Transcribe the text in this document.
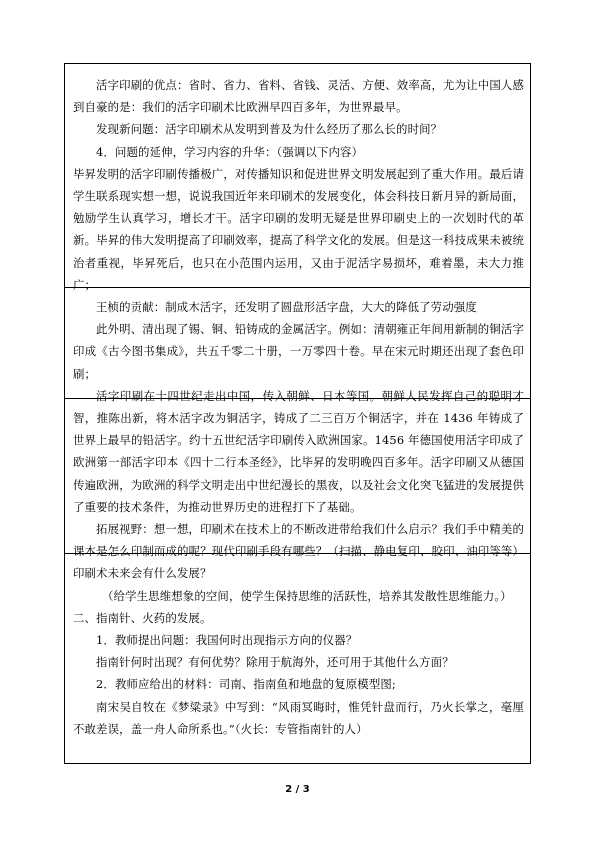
活字印刷的优点：省时、省力、省料、省钱、灵活、方便、效率高，尤为让中国人感到自豪的是：我们的活字印刷术比欧洲早四百多年，为世界最早。

发现新问题：活字印刷术从发明到普及为什么经历了那么长的时间？

4．问题的延伸，学习内容的升华：（强调以下内容）

毕昇发明的活字印刷传播极广，对传播知识和促进世界文明发展起到了重大作用。最后请学生联系现实想一想，说说我国近年来印刷术的发展变化，体会科技日新月异的新局面，勉励学生认真学习，增长才干。活字印刷的发明无疑是世界印刷史上的一次划时代的革新。毕昇的伟大发明提高了印刷效率，提高了科学文化的发展。但是这一科技成果未被统治者重视，毕昇死后，也只在小范围内运用，又由于泥活字易损坏，难着墨，未大力推广；

王桢的贡献：制成木活字，还发明了圆盘形活字盘，大大的降低了劳动强度

此外明、清出现了锡、铜、铅铸成的金属活字。例如：清朝雍正年间用新制的铜活字印成《古今图书集成》，共五千零二十册，一万零四十卷。早在宋元时期还出现了套色印刷；

活字印刷在十四世纪走出中国，传入朝鲜、日本等国。朝鲜人民发挥自己的聪明才智，推陈出新，将木活字改为铜活字，铸成了二三百万个铜活字，并在 1436 年铸成了世界上最早的铅活字。约十五世纪活字印刷传入欧洲国家。1456 年德国使用活字印成了欧洲第一部活字印本《四十二行本圣经》，比毕昇的发明晚四百多年。活字印刷又从德国传遍欧洲，为欧洲的科学文明走出中世纪漫长的黑夜，以及社会文化突飞猛进的发展提供了重要的技术条件，为推动世界历史的进程打下了基础。

拓展视野：想一想，印刷术在技术上的不断改进带给我们什么启示？我们手中精美的课本是怎么印制而成的呢？现代印刷手段有哪些？（扫描、静电复印、胶印、油印等等）印刷术未来会有什么发展？

（给学生思维想象的空间，使学生保持思维的活跃性，培养其发散性思维能力。）

二、指南针、火药的发展。

1．教师提出问题：我国何时出现指示方向的仪器？

指南针何时出现？有何优势？除用于航海外，还可用于其他什么方面？

2．教师应给出的材料：司南、指南鱼和地盘的复原模型图;

南宋吴自牧在《梦粱录》中写到：“风雨冥晦时，惟凭针盘而行，乃火长掌之，毫厘不敢差误，盖一舟人命所系也。”（火长：专管指南针的人）

2 / 3
